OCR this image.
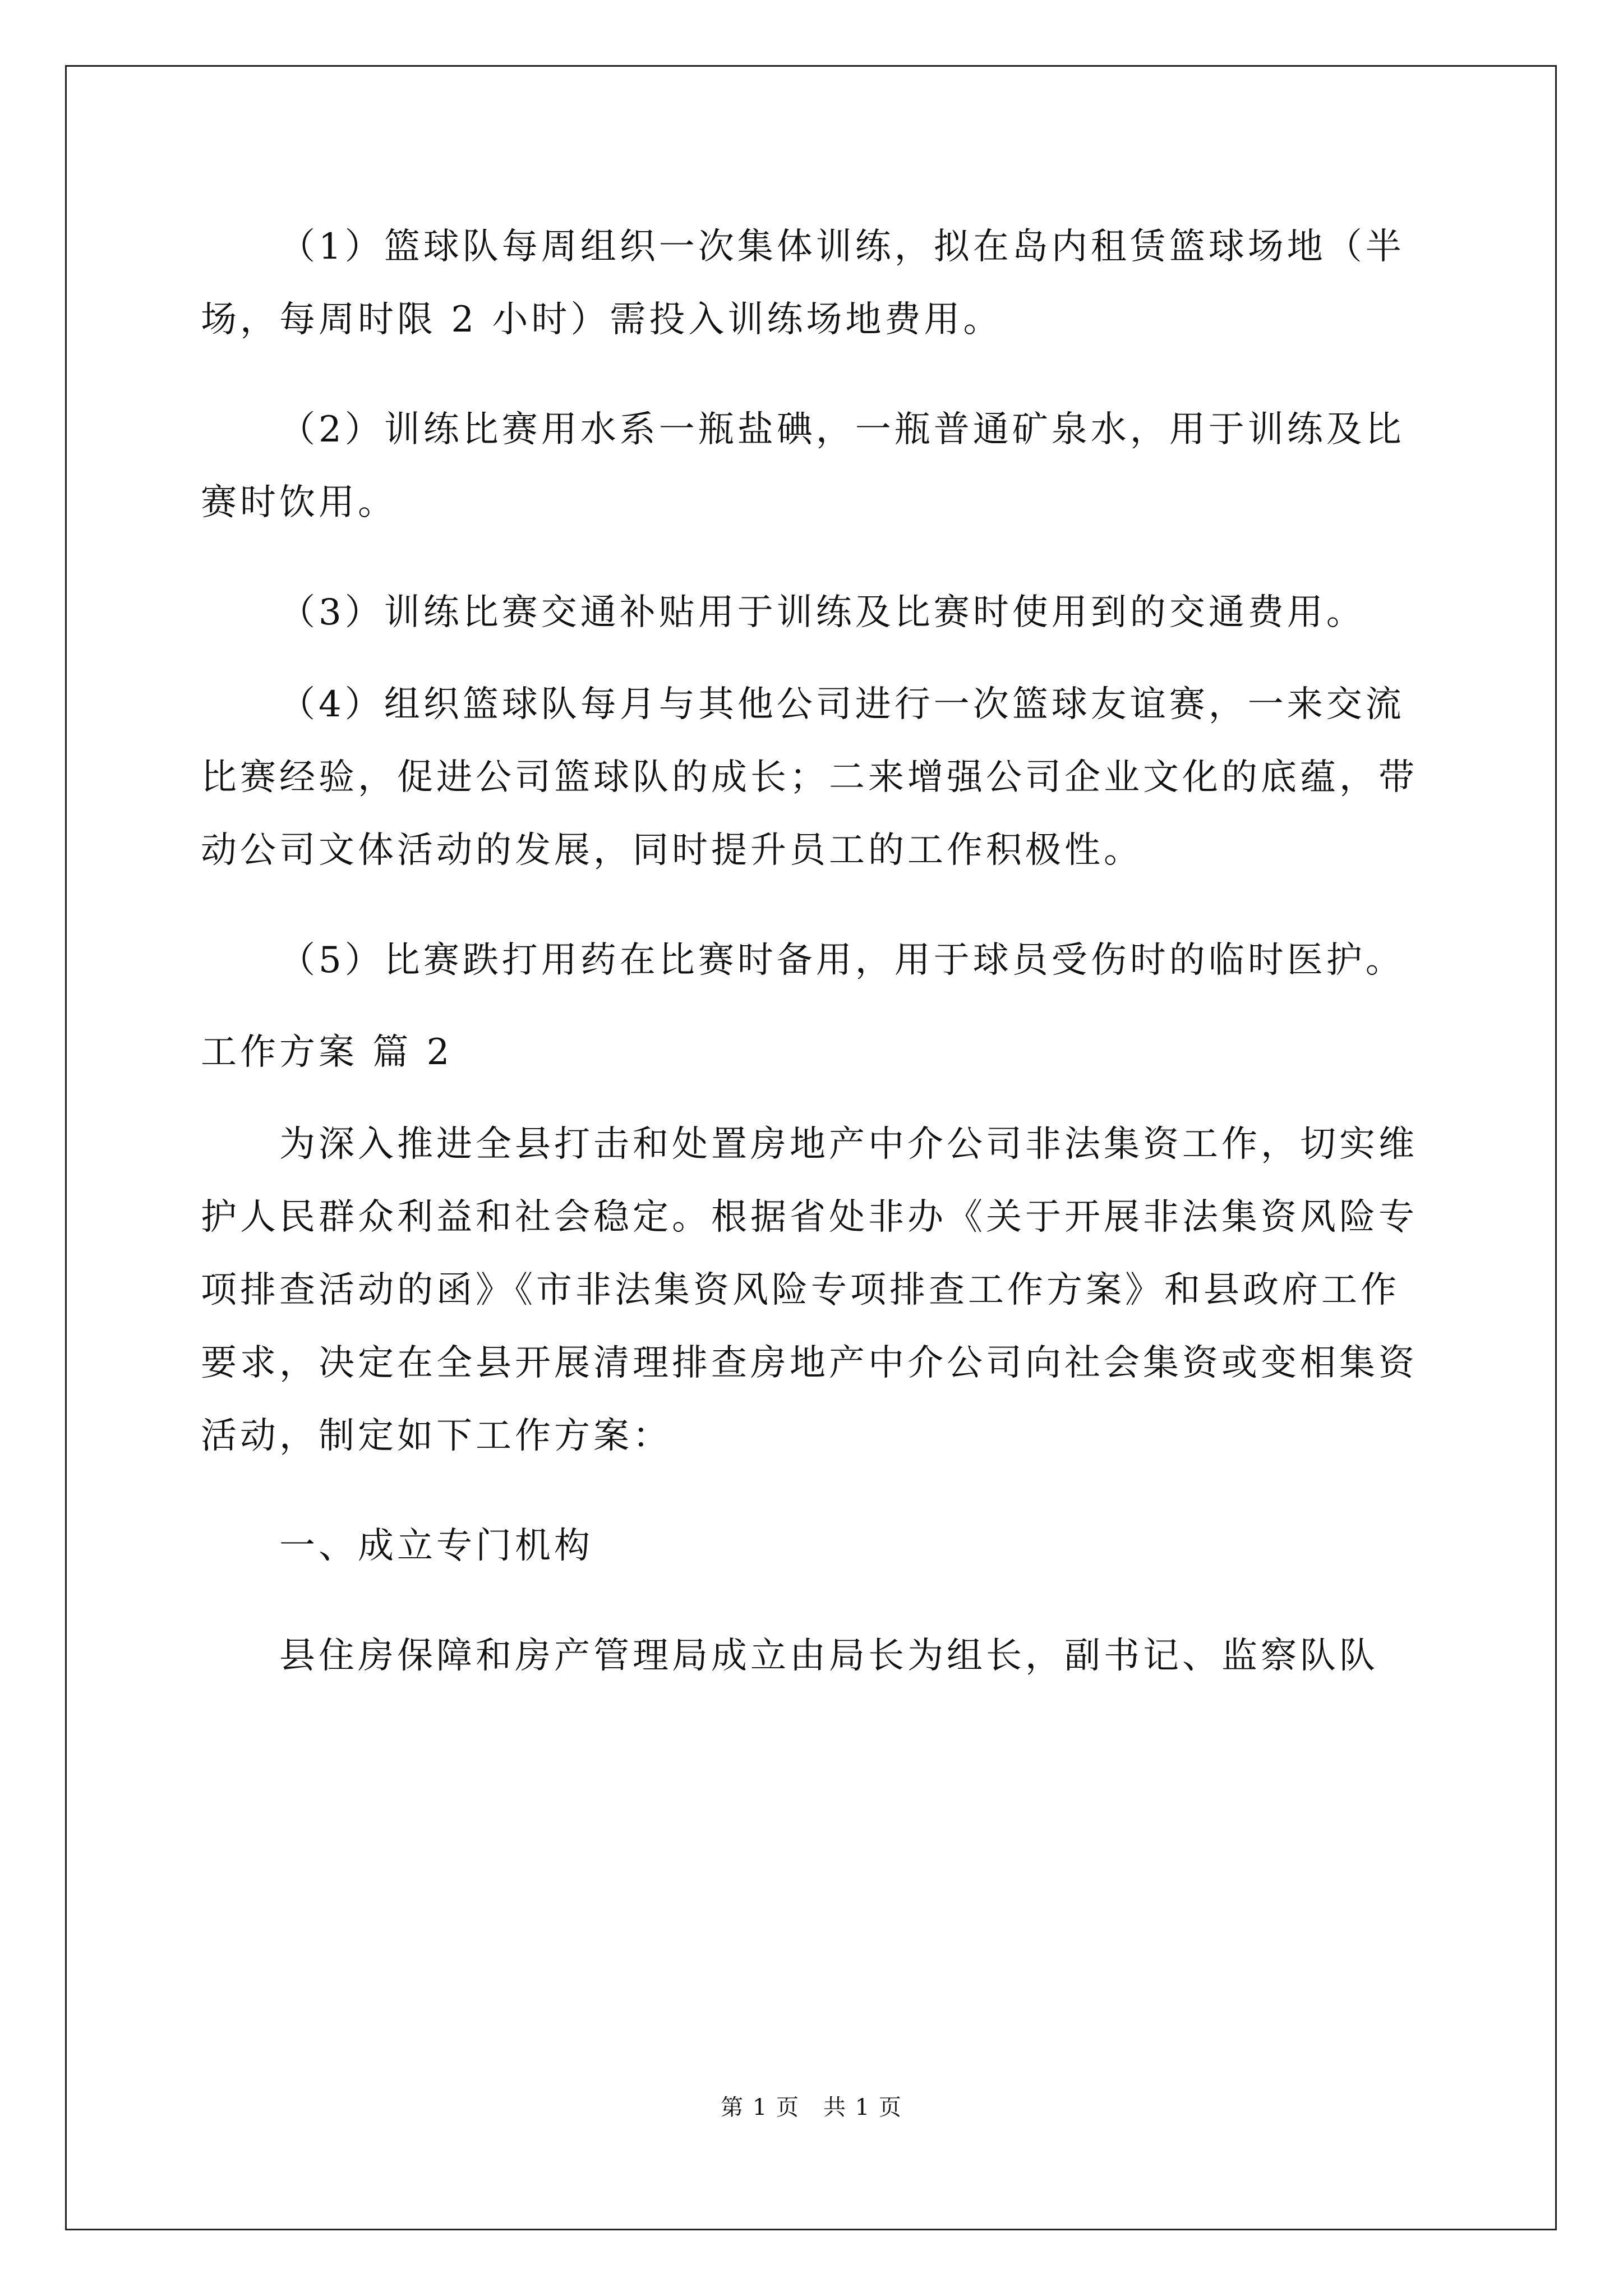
（1）篮球队每周组织一次集体训练，拟在岛内租赁篮球场地（半场，每周时限 2 小时）需投入训练场地费用。

（2）训练比赛用水系一瓶盐碘，一瓶普通矿泉水，用于训练及比赛时饮用。

（3）训练比赛交通补贴用于训练及比赛时使用到的交通费用。

（4）组织篮球队每月与其他公司进行一次篮球友谊赛，一来交流比赛经验，促进公司篮球队的成长；二来增强公司企业文化的底蕴，带动公司文体活动的发展，同时提升员工的工作积极性。

（5）比赛跌打用药在比赛时备用，用于球员受伤时的临时医护。

工作方案 篇 2

为深入推进全县打击和处置房地产中介公司非法集资工作，切实维护人民群众利益和社会稳定。根据省处非办《关于开展非法集资风险专项排查活动的函》《市非法集资风险专项排查工作方案》和县政府工作要求，决定在全县开展清理排查房地产中介公司向社会集资或变相集资活动，制定如下工作方案：

一、成立专门机构

县住房保障和房产管理局成立由局长为组长，副书记、监察队队

第 1 页　共 1 页
